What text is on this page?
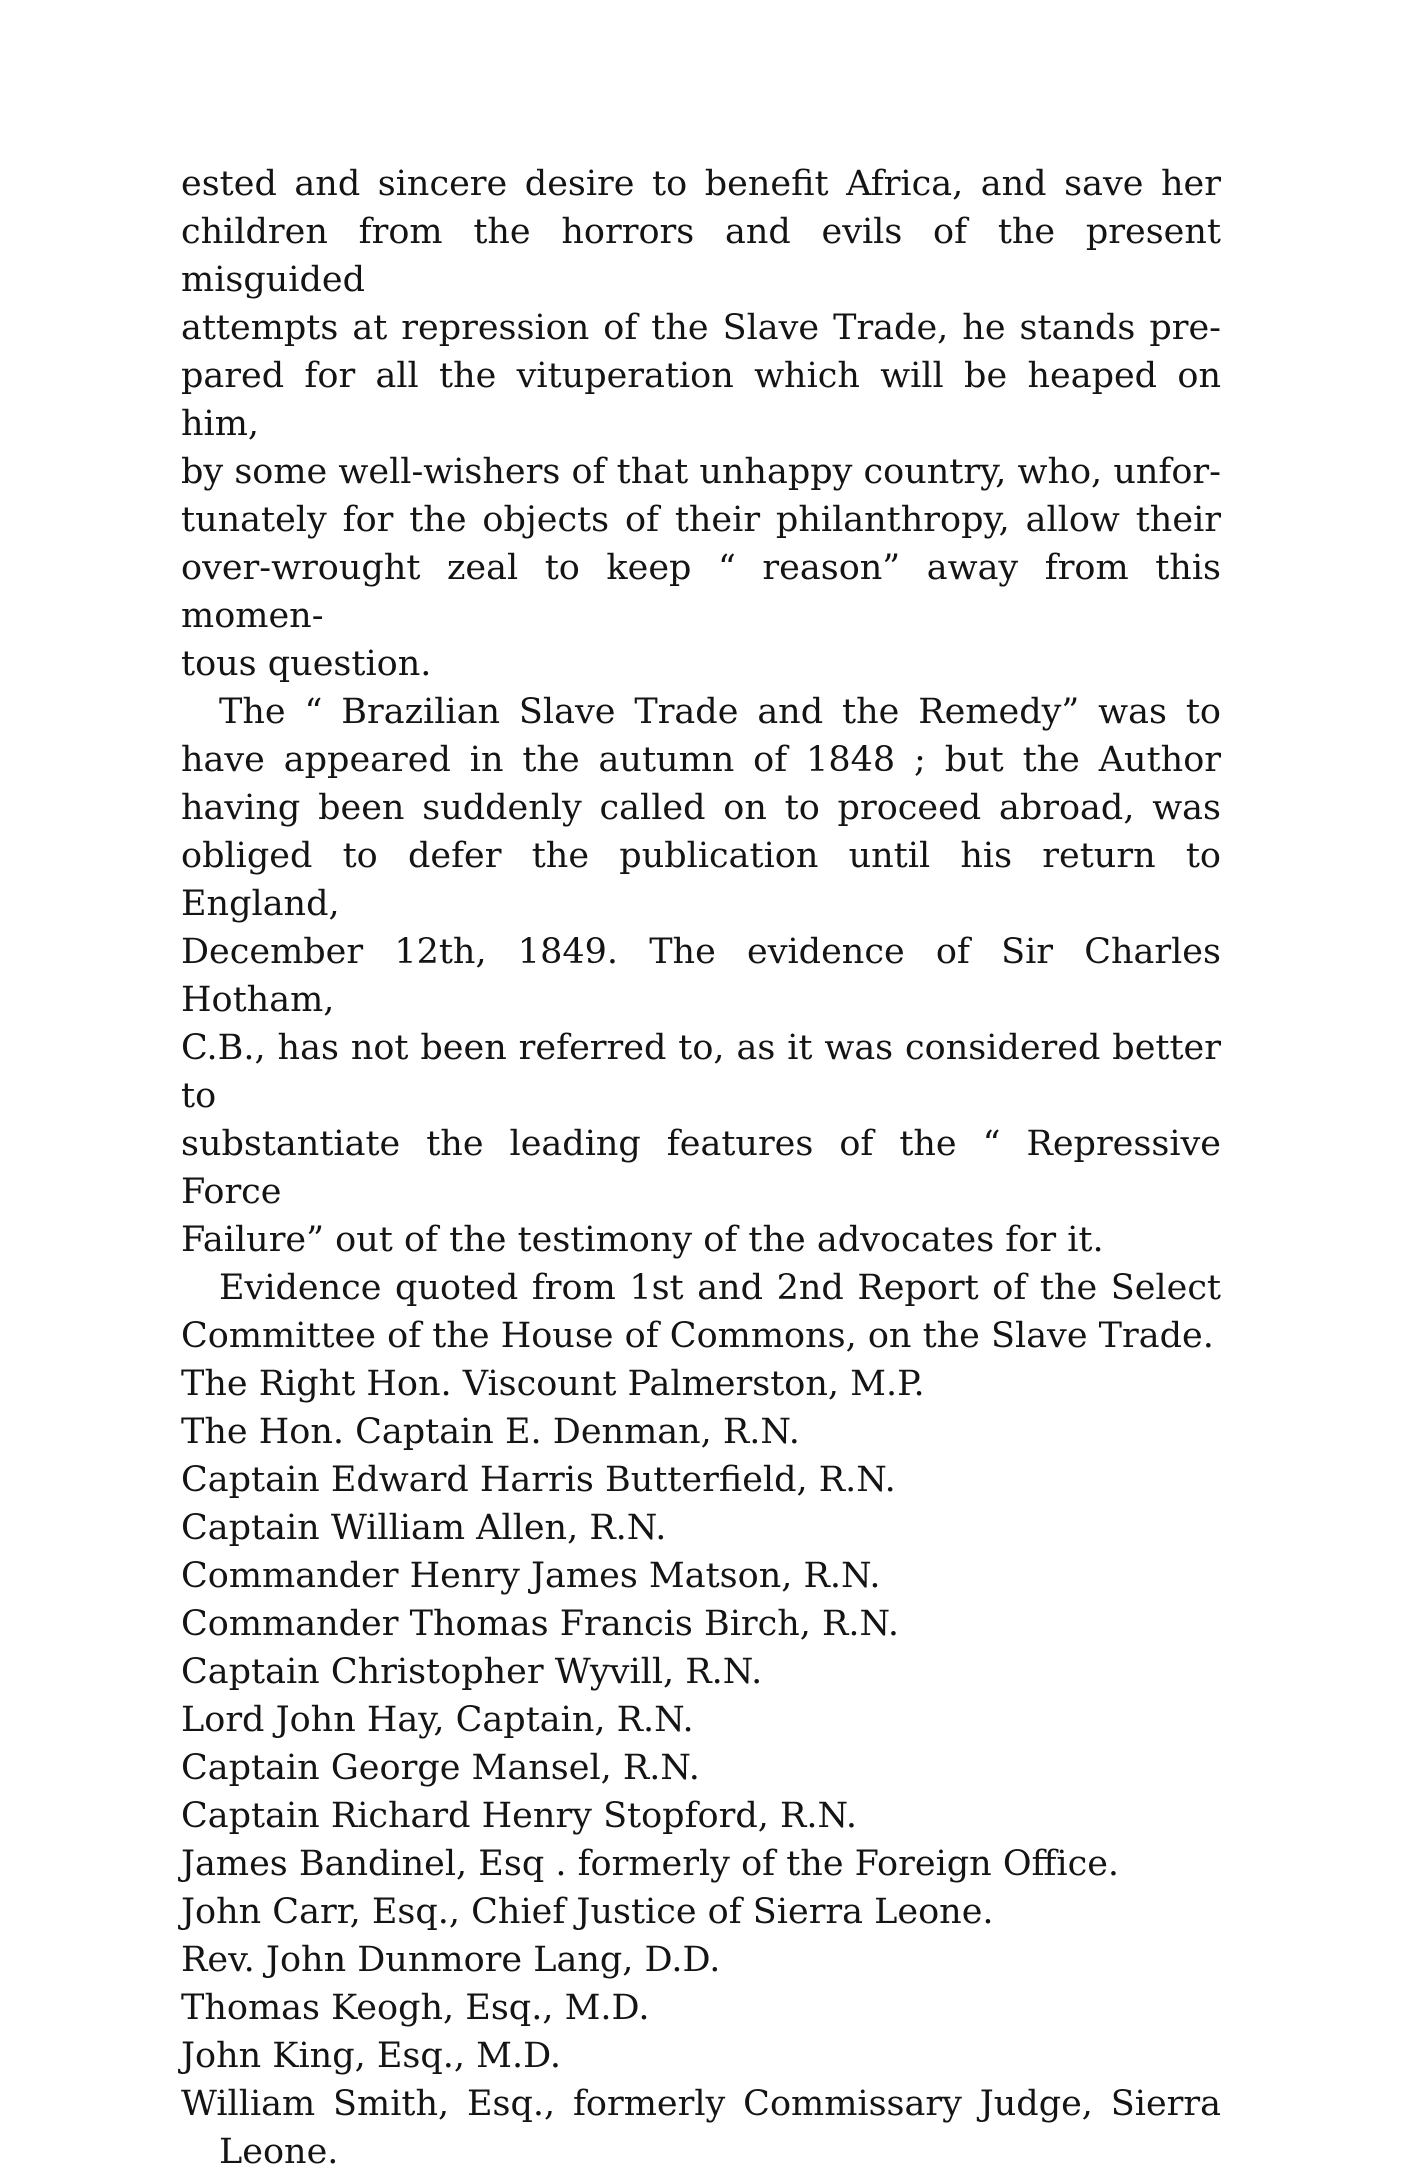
ested and sincere desire to benefit Africa, and save her
children from the horrors and evils of the present misguided
attempts at repression of the Slave Trade, he stands pre-
pared for all the vituperation which will be heaped on him,
by some well-wishers of that unhappy country, who, unfor-
tunately for the objects of their philanthropy, allow their
over-wrought zeal to keep “ reason” away from this momen-
tous question.

The “ Brazilian Slave Trade and the Remedy” was to
have appeared in the autumn of 1848 ; but the Author
having been suddenly called on to proceed abroad, was
obliged to defer the publication until his return to England,
December 12th, 1849. The evidence of Sir Charles Hotham,
C.B., has not been referred to, as it was considered better to
substantiate the leading features of the “ Repressive Force
Failure” out of the testimony of the advocates for it.

Evidence quoted from 1st and 2nd Report of the Select
Committee of the House of Commons, on the Slave Trade.

The Right Hon. Viscount Palmerston, M.P.
The Hon. Captain E. Denman, R.N.
Captain Edward Harris Butterfield, R.N.
Captain William Allen, R.N.
Commander Henry James Matson, R.N.
Commander Thomas Francis Birch, R.N.
Captain Christopher Wyvill, R.N.
Lord John Hay, Captain, R.N.
Captain George Mansel, R.N.
Captain Richard Henry Stopford, R.N.
James Bandinel, Esq . formerly of the Foreign Office.
John Carr, Esq., Chief Justice of Sierra Leone.
Rev. John Dunmore Lang, D.D.
Thomas Keogh, Esq., M.D.
John King, Esq., M.D.
William Smith, Esq., formerly Commissary Judge, Sierra
Leone.
